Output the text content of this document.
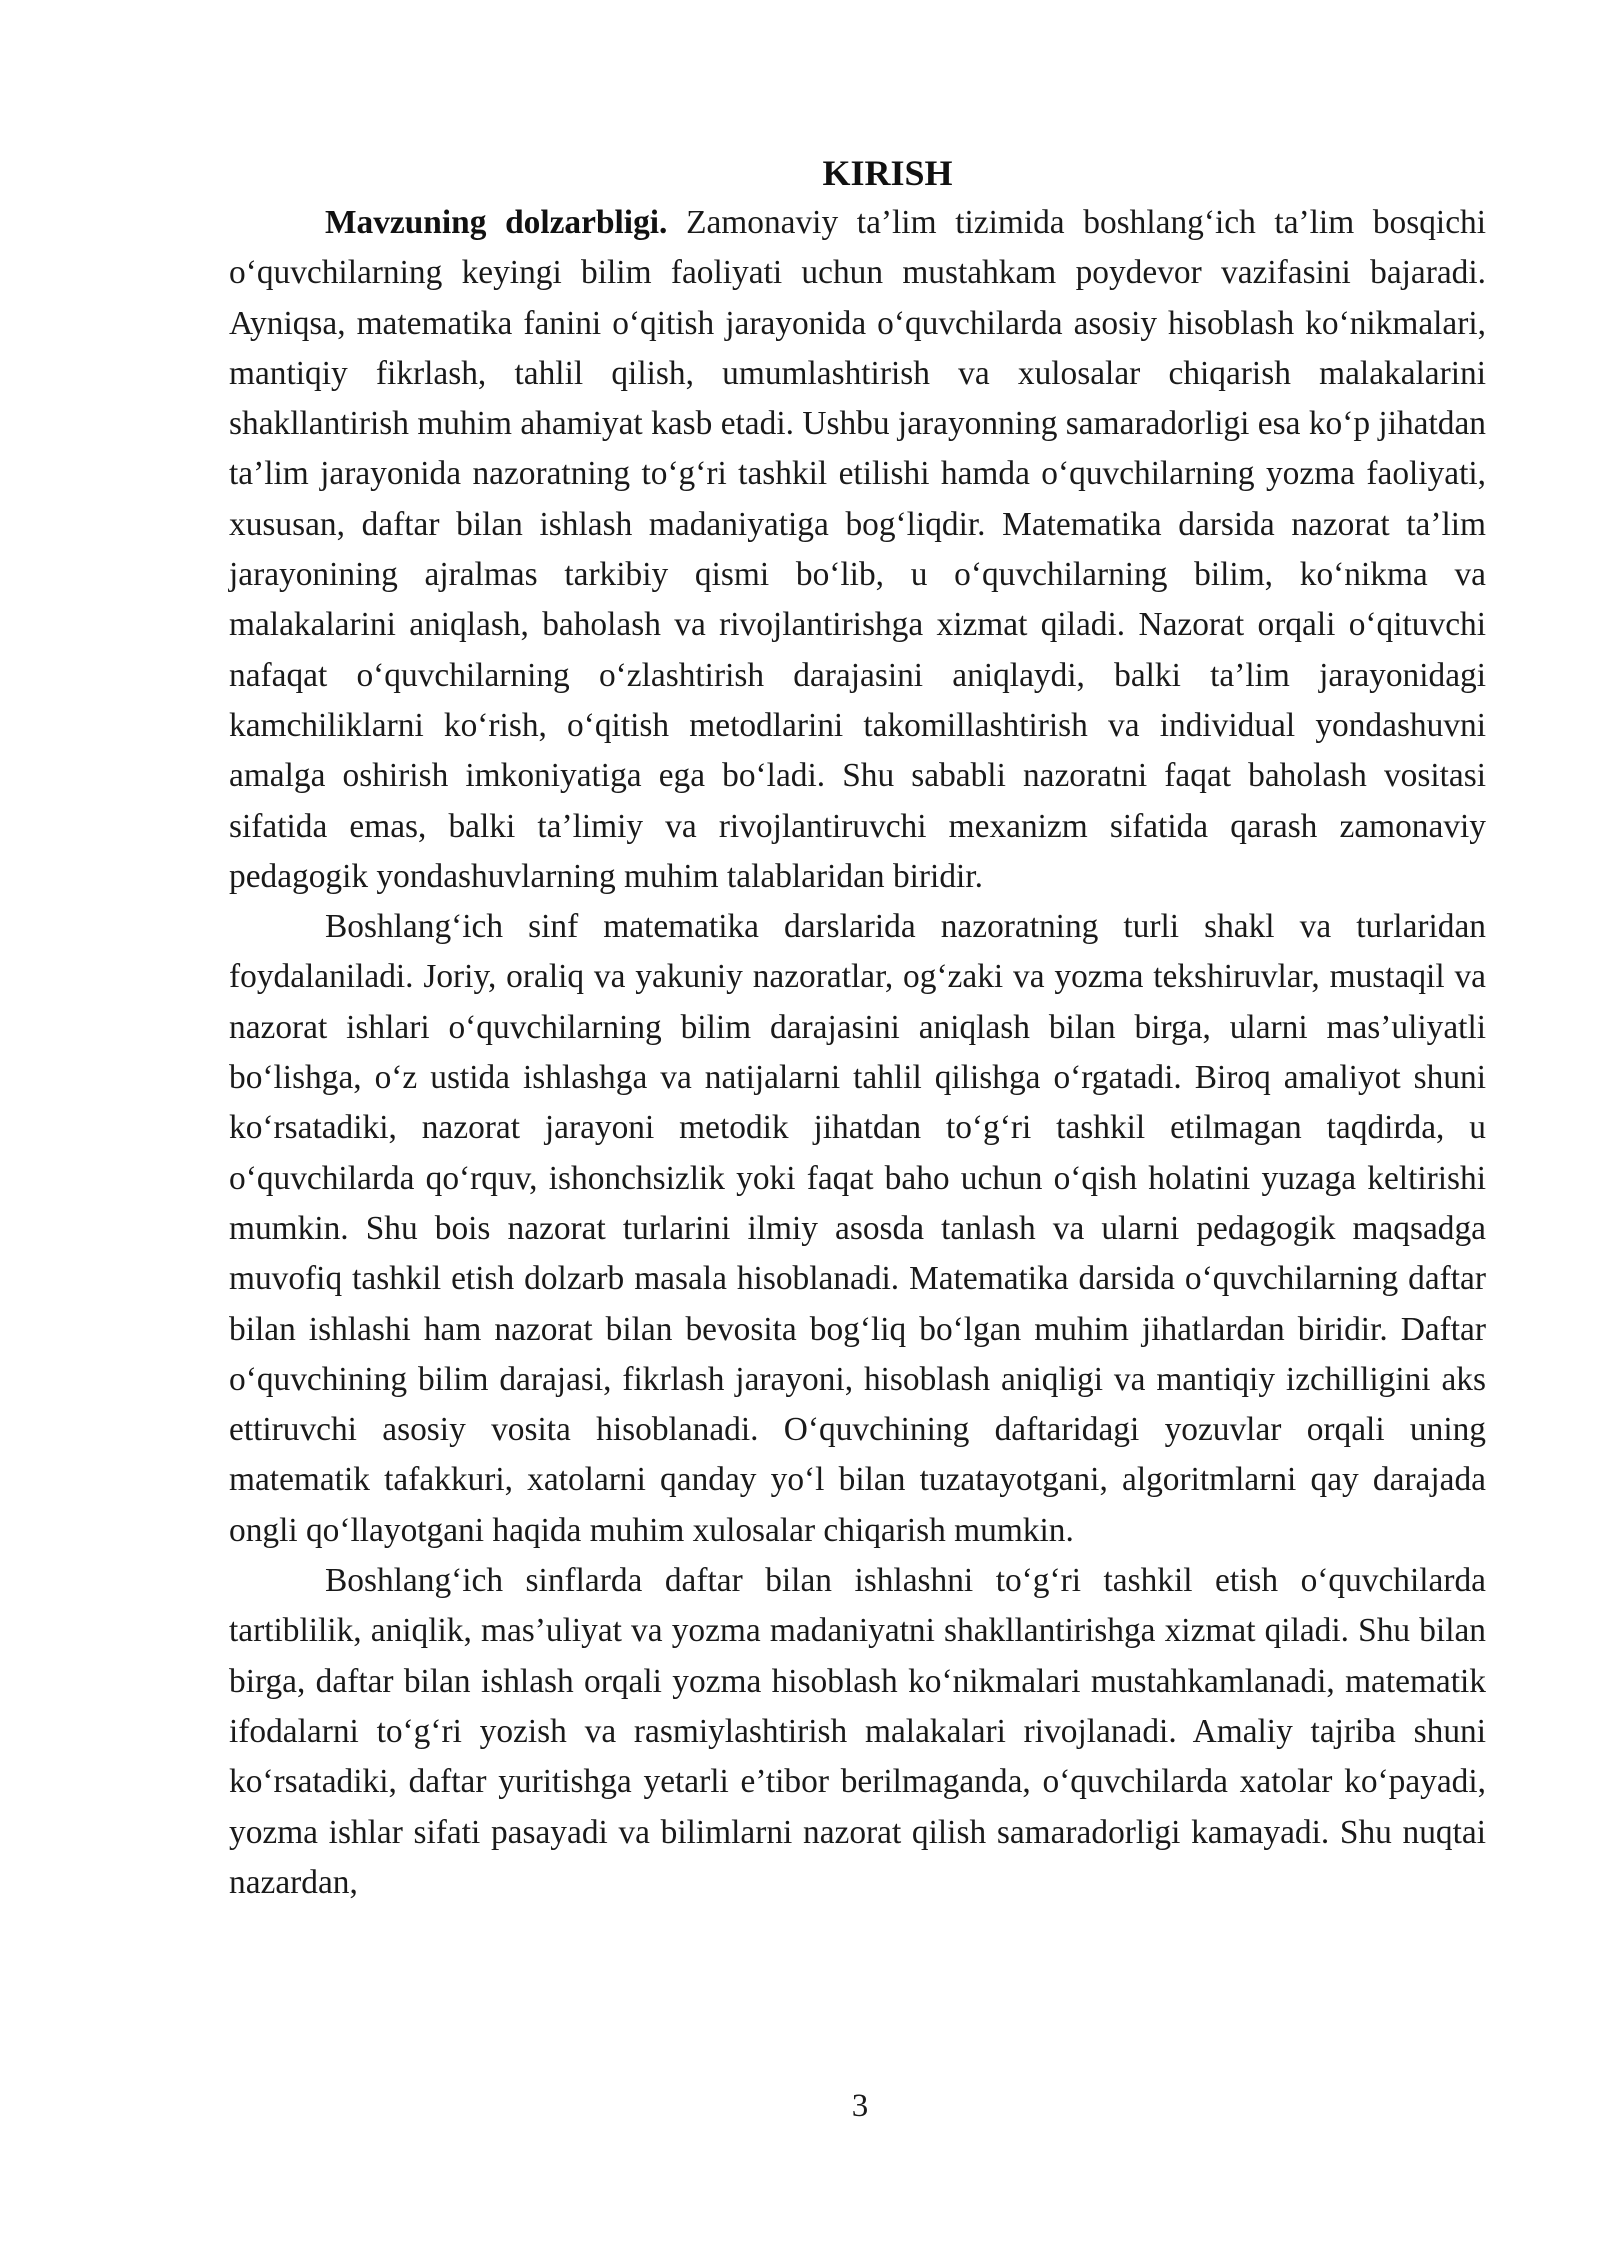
KIRISH

Mavzuning dolzarbligi. Zamonaviy ta’lim tizimida boshlang‘ich ta’lim bosqichi o‘quvchilarning keyingi bilim faoliyati uchun mustahkam poydevor vazifasini bajaradi. Ayniqsa, matematika fanini o‘qitish jarayonida o‘quvchilarda asosiy hisoblash ko‘nikmalari, mantiqiy fikrlash, tahlil qilish, umumlashtirish va xulosalar chiqarish malakalarini shakllantirish muhim ahamiyat kasb etadi. Ushbu jarayonning samaradorligi esa ko‘p jihatdan ta’lim jarayonida nazoratning to‘g‘ri tashkil etilishi hamda o‘quvchilarning yozma faoliyati, xususan, daftar bilan ishlash madaniyatiga bog‘liqdir. Matematika darsida nazorat ta’lim jarayonining ajralmas tarkibiy qismi bo‘lib, u o‘quvchilarning bilim, ko‘nikma va malakalarini aniqlash, baholash va rivojlantirishga xizmat qiladi. Nazorat orqali o‘qituvchi nafaqat o‘quvchilarning o‘zlashtirish darajasini aniqlaydi, balki ta’lim jarayonidagi kamchiliklarni ko‘rish, o‘qitish metodlarini takomillashtirish va individual yondashuvni amalga oshirish imkoniyatiga ega bo‘ladi. Shu sababli nazoratni faqat baholash vositasi sifatida emas, balki ta’limiy va rivojlantiruvchi mexanizm sifatida qarash zamonaviy pedagogik yondashuvlarning muhim talablaridan biridir.

Boshlang‘ich sinf matematika darslarida nazoratning turli shakl va turlaridan foydalaniladi. Joriy, oraliq va yakuniy nazoratlar, og‘zaki va yozma tekshiruvlar, mustaqil va nazorat ishlari o‘quvchilarning bilim darajasini aniqlash bilan birga, ularni mas’uliyatli bo‘lishga, o‘z ustida ishlashga va natijalarni tahlil qilishga o‘rgatadi. Biroq amaliyot shuni ko‘rsatadiki, nazorat jarayoni metodik jihatdan to‘g‘ri tashkil etilmagan taqdirda, u o‘quvchilarda qo‘rquv, ishonchsizlik yoki faqat baho uchun o‘qish holatini yuzaga keltirishi mumkin. Shu bois nazorat turlarini ilmiy asosda tanlash va ularni pedagogik maqsadga muvofiq tashkil etish dolzarb masala hisoblanadi. Matematika darsida o‘quvchilarning daftar bilan ishlashi ham nazorat bilan bevosita bog‘liq bo‘lgan muhim jihatlardan biridir. Daftar o‘quvchining bilim darajasi, fikrlash jarayoni, hisoblash aniqligi va mantiqiy izchilligini aks ettiruvchi asosiy vosita hisoblanadi. O‘quvchining daftaridagi yozuvlar orqali uning matematik tafakkuri, xatolarni qanday yo‘l bilan tuzatayotgani, algoritmlarni qay darajada ongli qo‘llayotgani haqida muhim xulosalar chiqarish mumkin.

Boshlang‘ich sinflarda daftar bilan ishlashni to‘g‘ri tashkil etish o‘quvchilarda tartiblilik, aniqlik, mas’uliyat va yozma madaniyatni shakllantirishga xizmat qiladi. Shu bilan birga, daftar bilan ishlash orqali yozma hisoblash ko‘nikmalari mustahkamlanadi, matematik ifodalarni to‘g‘ri yozish va rasmiylashtirish malakalari rivojlanadi. Amaliy tajriba shuni ko‘rsatadiki, daftar yuritishga yetarli e’tibor berilmaganda, o‘quvchilarda xatolar ko‘payadi, yozma ishlar sifati pasayadi va bilimlarni nazorat qilish samaradorligi kamayadi. Shu nuqtai nazardan,

3
